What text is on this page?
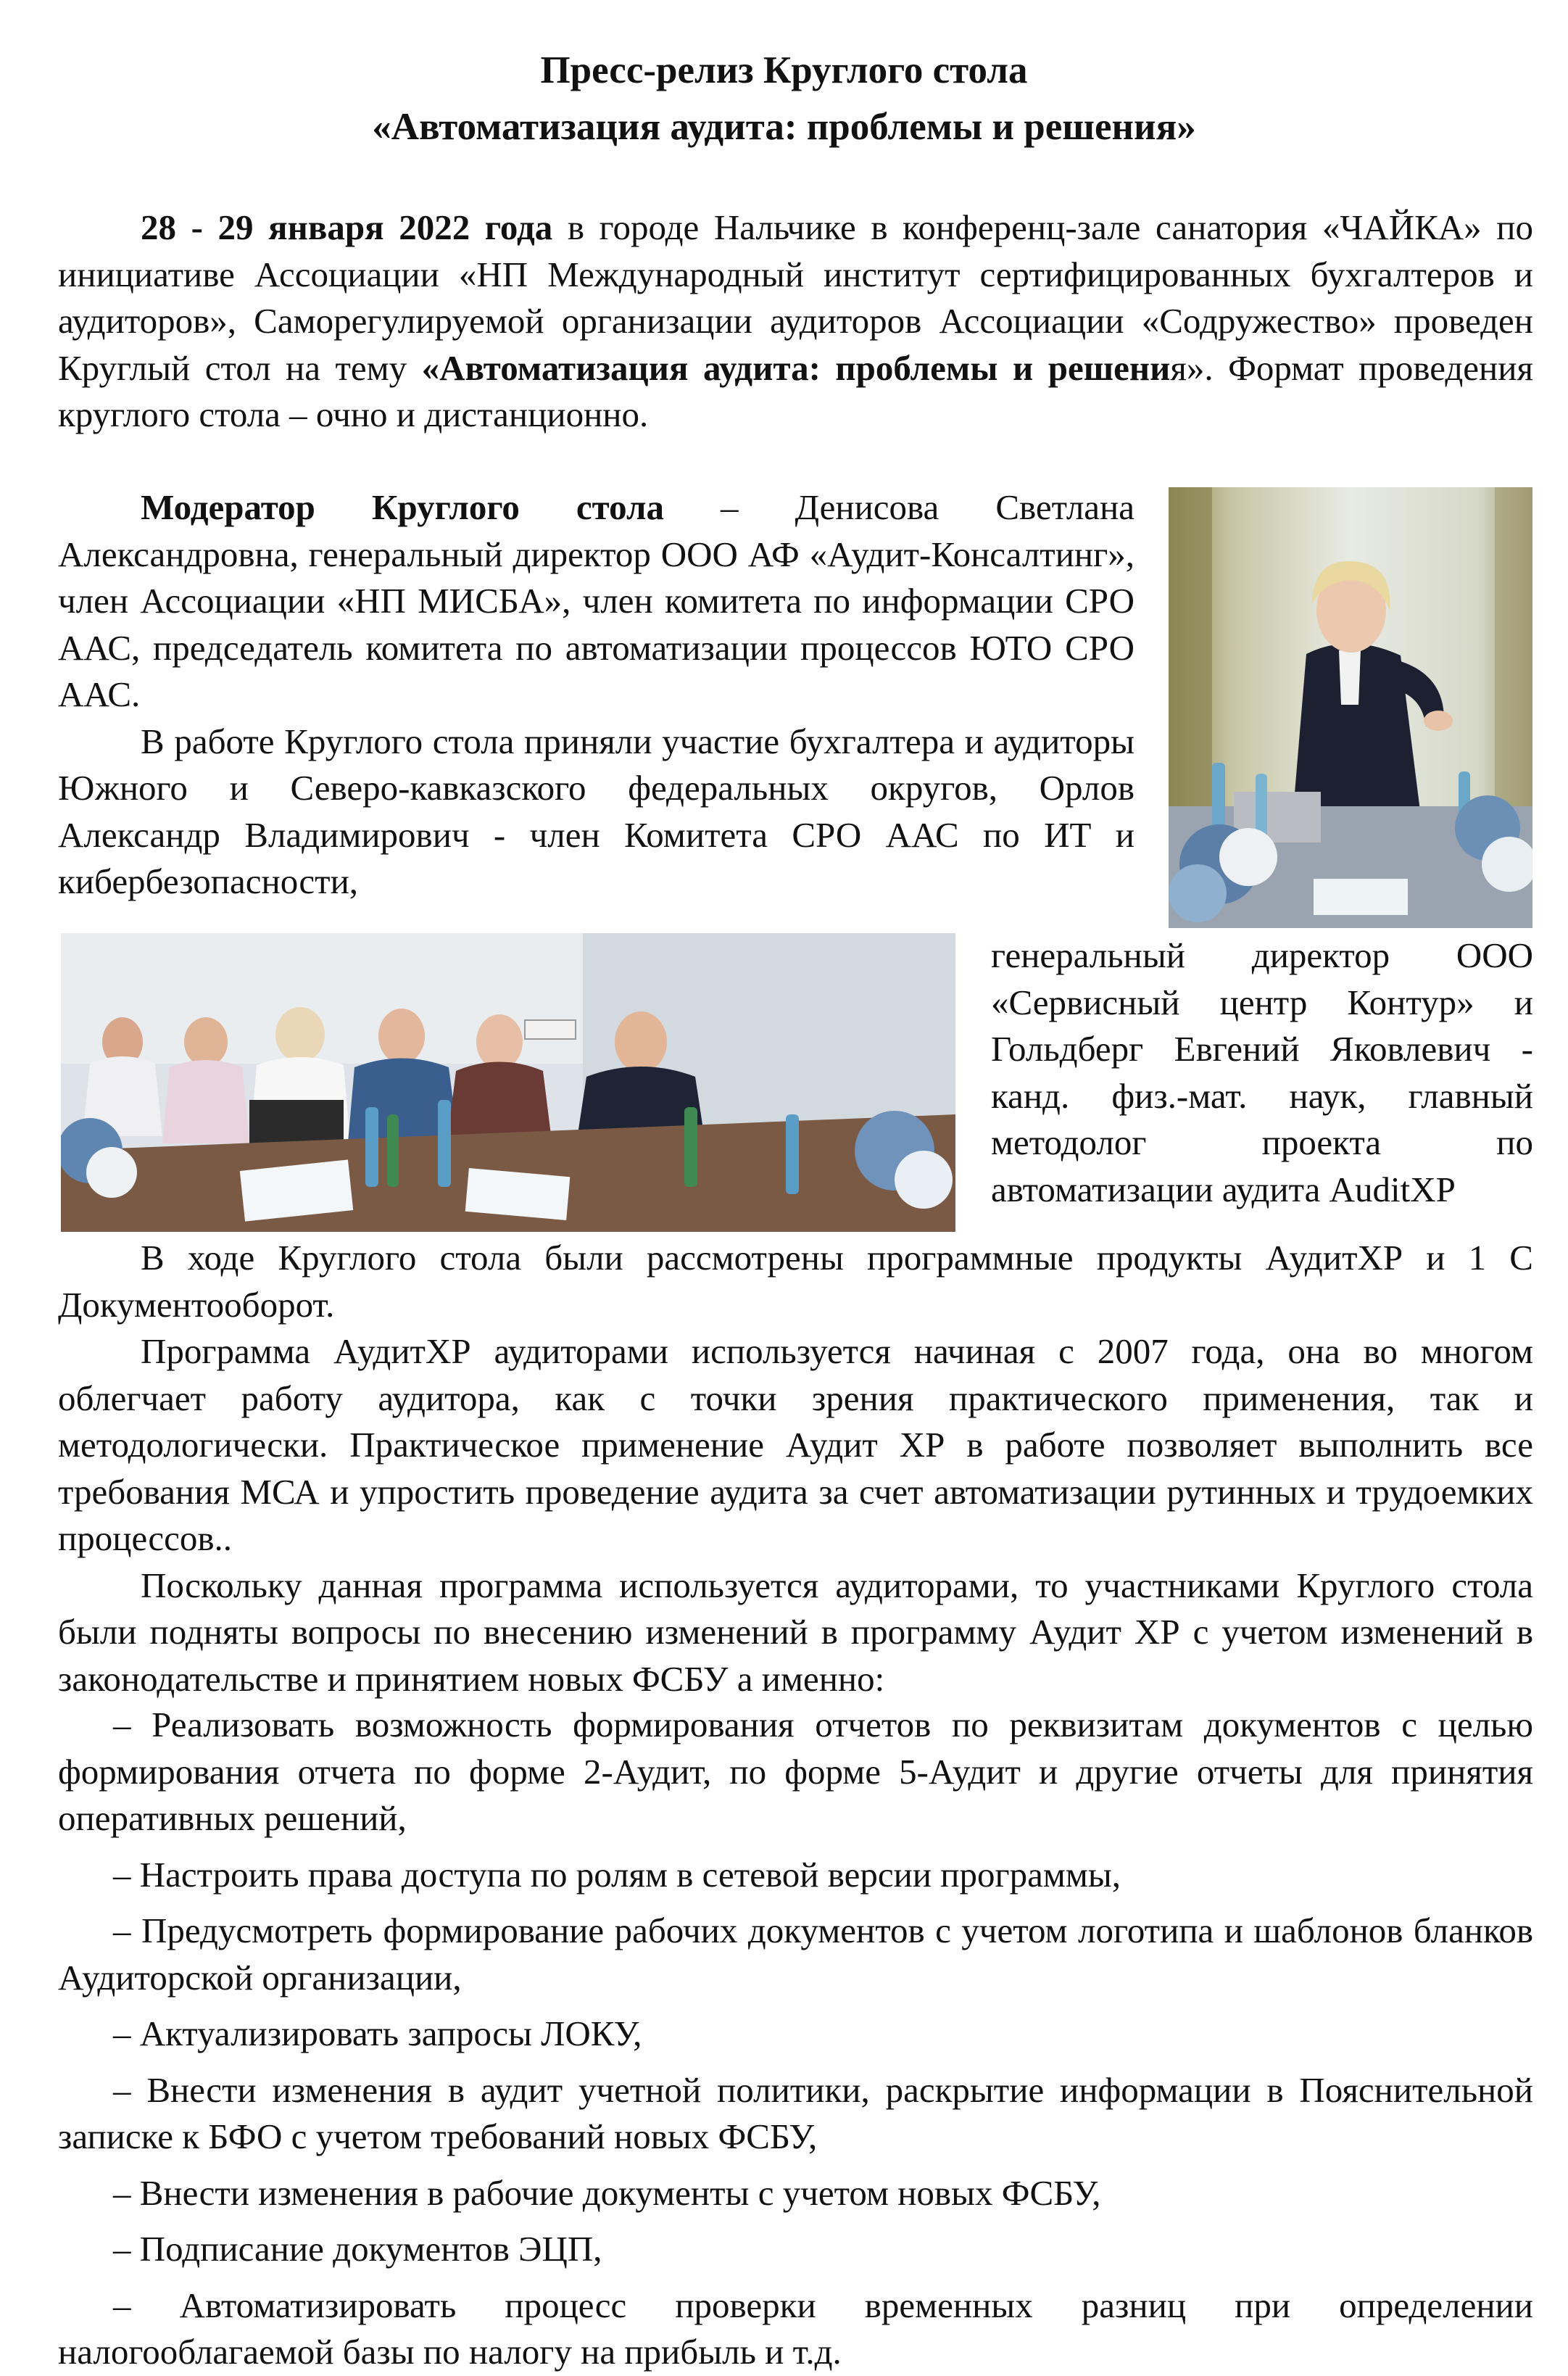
Пресс-релиз Круглого стола
«Автоматизация аудита: проблемы и решения»

28 - 29 января 2022 года в городе Нальчике в конференц-зале санатория «ЧАЙКА» по инициативе Ассоциации «НП Международный институт сертифицированных бухгалтеров и аудиторов», Саморегулируемой организации аудиторов Ассоциации «Содружество» проведен Круглый стол на тему «Автоматизация аудита: проблемы и решения». Формат проведения круглого стола – очно и дистанционно.

Модератор Круглого стола – Денисова Светлана Александровна, генеральный директор ООО АФ «Аудит-Консалтинг», член Ассоциации «НП МИСБА», член комитета по информации СРО ААС, председатель комитета по автоматизации процессов ЮТО СРО ААС.

В работе Круглого стола приняли участие бухгалтера и аудиторы Южного и Северо-кавказского федеральных округов, Орлов Александр Владимирович - член Комитета СРО ААС по ИТ и кибербезопасности,

генеральный директор ООО «Сервисный центр Контур» и Гольдберг Евгений Яковлевич - канд. физ.-мат. наук, главный методолог проекта по автоматизации аудита AuditXP

В ходе Круглого стола были рассмотрены программные продукты АудитХР и 1 С Документооборот.

Программа АудитХР аудиторами используется начиная с 2007 года, она во многом облегчает работу аудитора, как с точки зрения практического применения, так и методологически. Практическое применение Аудит ХР в работе позволяет выполнить все требования МСА и упростить проведение аудита за счет автоматизации рутинных и трудоемких процессов..

Поскольку данная программа используется аудиторами, то участниками Круглого стола были подняты вопросы по внесению изменений в программу Аудит ХР с учетом изменений в законодательстве и принятием новых ФСБУ а именно:

– Реализовать возможность формирования отчетов по реквизитам документов с целью формирования отчета по форме 2-Аудит, по форме 5-Аудит и другие отчеты для принятия оперативных решений,

– Настроить права доступа по ролям в сетевой версии программы,

– Предусмотреть формирование рабочих документов с учетом логотипа и шаблонов бланков Аудиторской организации,

– Актуализировать запросы ЛОКУ,

– Внести изменения в аудит учетной политики, раскрытие информации в Пояснительной записке к БФО с учетом требований новых ФСБУ,

– Внести изменения в рабочие документы с учетом новых ФСБУ,

– Подписание документов ЭЦП,

– Автоматизировать процесс проверки временных разниц при определении налогооблагаемой базы по налогу на прибыль и т.д.
